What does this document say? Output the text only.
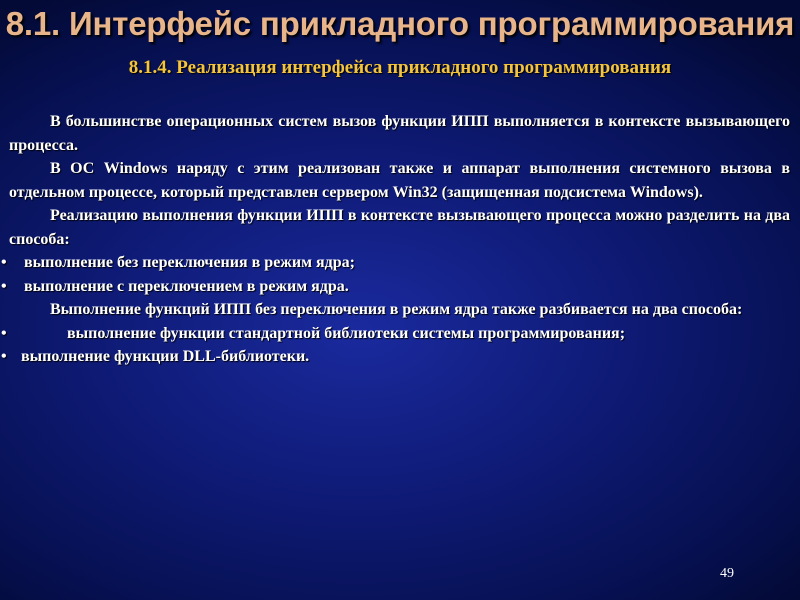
8.1. Интерфейс прикладного программирования
8.1.4. Реализация интерфейса прикладного программирования

В большинстве операционных систем вызов функции ИПП выполняется в контексте вызывающего процесса.

В ОС Windows наряду с этим реализован также и аппарат выполнения системного вызова в отдельном процессе, который представлен сервером Win32 (защищенная подсистема Windows).

Реализацию выполнения функции ИПП в контексте вызывающего процесса можно разделить на два способа:

• выполнение без переключения в режим ядра;

• выполнение с переключением в режим ядра.

Выполнение функций ИПП без переключения в режим ядра также разбивается на два способа:

•	выполнение функции стандартной библиотеки системы программирования;

• выполнение функции DLL-библиотеки.

49
